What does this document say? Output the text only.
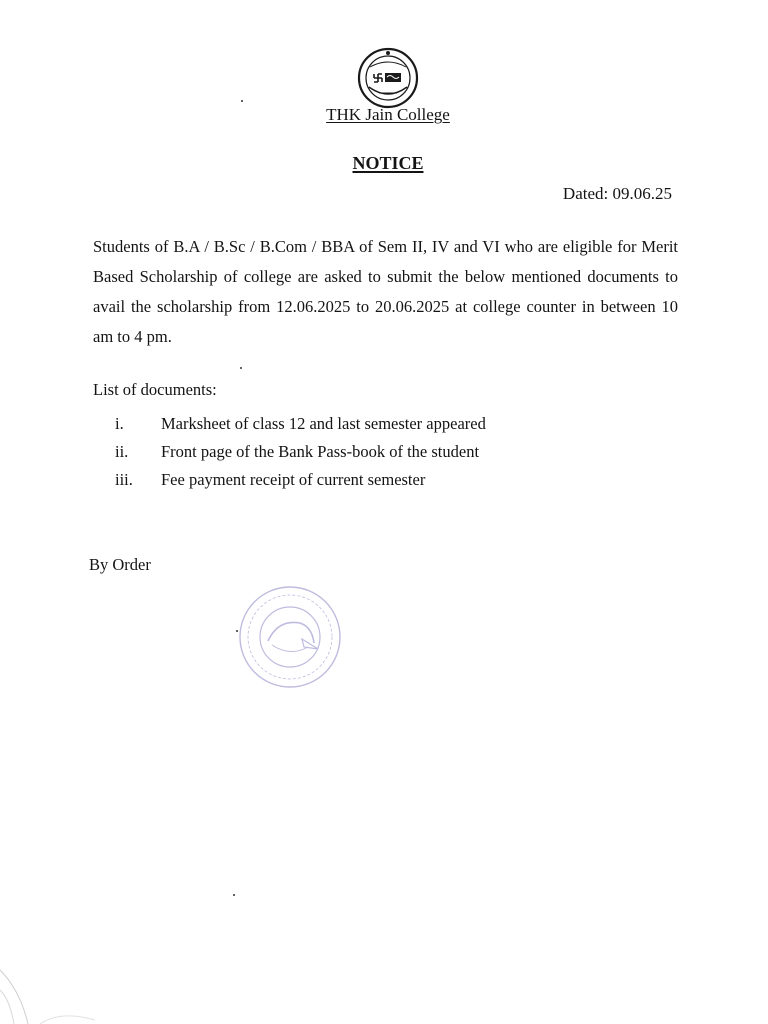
THK Jain College
NOTICE
Dated: 09.06.25

Students of B.A / B.Sc / B.Com / BBA of Sem II, IV and VI who are eligible for Merit Based Scholarship of college are asked to submit the below mentioned documents to avail the scholarship from 12.06.2025 to 20.06.2025 at college counter in between 10 am to 4 pm.

List of documents:
i.	Marksheet of class 12 and last semester appeared
ii.	Front page of the Bank Pass-book of the student
iii.	Fee payment receipt of current semester
By Order
